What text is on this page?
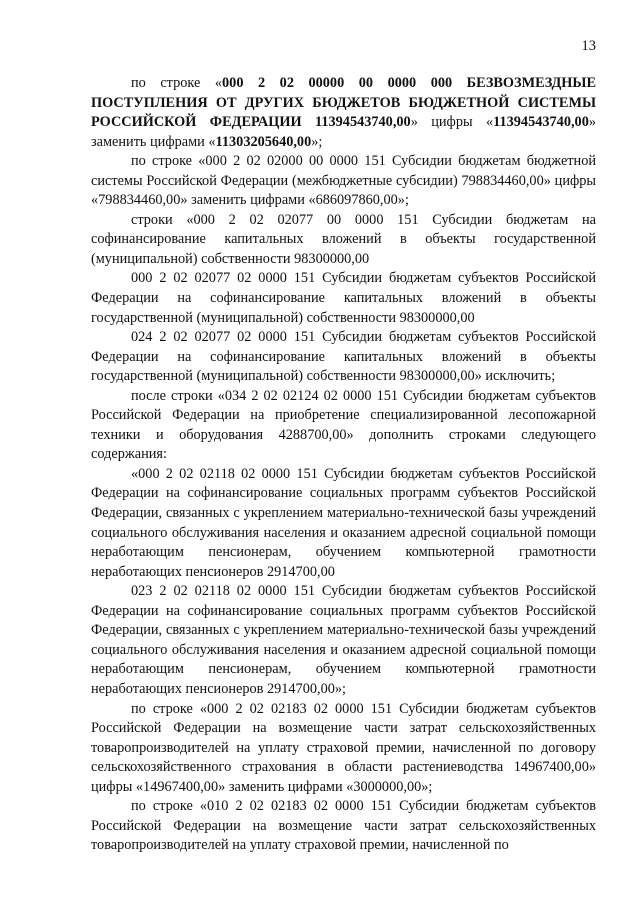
13

по строке «000 2 02 00000 00 0000 000 БЕЗВОЗМЕЗДНЫЕ ПОСТУПЛЕНИЯ ОТ ДРУГИХ БЮДЖЕТОВ БЮДЖЕТНОЙ СИСТЕМЫ РОССИЙСКОЙ ФЕДЕРАЦИИ 11394543740,00» цифры «11394543740,00» заменить цифрами «11303205640,00»;

по строке «000 2 02 02000 00 0000 151 Субсидии бюджетам бюджетной системы Российской Федерации (межбюджетные субсидии) 798834460,00» цифры «798834460,00» заменить цифрами «686097860,00»;

строки «000 2 02 02077 00 0000 151 Субсидии бюджетам на софинансирование капитальных вложений в объекты государственной (муниципальной) собственности 98300000,00

000 2 02 02077 02 0000 151 Субсидии бюджетам субъектов Российской Федерации на софинансирование капитальных вложений в объекты государственной (муниципальной) собственности 98300000,00

024 2 02 02077 02 0000 151 Субсидии бюджетам субъектов Российской Федерации на софинансирование капитальных вложений в объекты государственной (муниципальной) собственности 98300000,00» исключить;

после строки «034 2 02 02124 02 0000 151 Субсидии бюджетам субъектов Российской Федерации на приобретение специализированной лесопожарной техники и оборудования 4288700,00» дополнить строками следующего содержания:

«000 2 02 02118 02 0000 151 Субсидии бюджетам субъектов Российской Федерации на софинансирование социальных программ субъектов Российской Федерации, связанных с укреплением материально-технической базы учреждений социального обслуживания населения и оказанием адресной социальной помощи неработающим пенсионерам, обучением компьютерной грамотности неработающих пенсионеров 2914700,00

023 2 02 02118 02 0000 151 Субсидии бюджетам субъектов Российской Федерации на софинансирование социальных программ субъектов Российской Федерации, связанных с укреплением материально-технической базы учреждений социального обслуживания населения и оказанием адресной социальной помощи неработающим пенсионерам, обучением компьютерной грамотности неработающих пенсионеров 2914700,00»;

по строке «000 2 02 02183 02 0000 151 Субсидии бюджетам субъектов Российской Федерации на возмещение части затрат сельскохозяйственных товаропроизводителей на уплату страховой премии, начисленной по договору сельскохозяйственного страхования в области растениеводства 14967400,00» цифры «14967400,00» заменить цифрами «3000000,00»;

по строке «010 2 02 02183 02 0000 151 Субсидии бюджетам субъектов Российской Федерации на возмещение части затрат сельскохозяйственных товаропроизводителей на уплату страховой премии, начисленной по
